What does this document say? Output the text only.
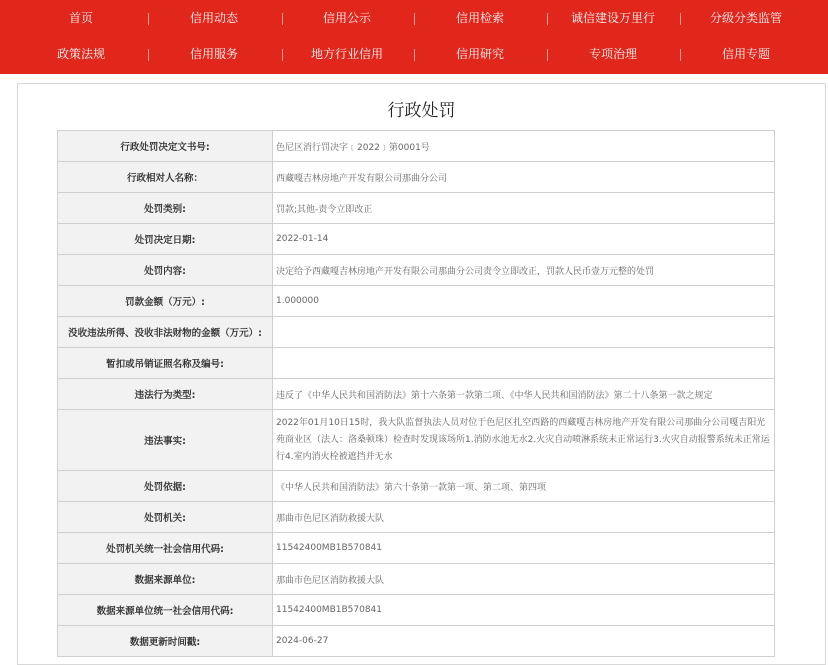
首页	信用动态	信用公示	信用检索	诚信建设万里行	分级分类监管
政策法规	信用服务	地方行业信用	信用研究	专项治理	信用专题
行政处罚
行政处罚决定文书号:	色尼区消行罚决字﹝2022﹞第0001号
行政相对人名称：	西藏嘎吉林房地产开发有限公司那曲分公司
处罚类别:	罚款;其他-责令立即改正
处罚决定日期:	2022-01-14
处罚内容:	决定给予西藏嘎吉林房地产开发有限公司那曲分公司责令立即改正，罚款人民币壹万元整的处罚
罚款金额（万元）:	1.000000
没收违法所得、没收非法财物的金额（万元）:	
暂扣或吊销证照名称及编号:	
违法行为类型:	违反了《中华人民共和国消防法》第十六条第一款第二项、《中华人民共和国消防法》第二十八条第一款之规定
违法事实:	2022年01月10日15时，我大队监督执法人员对位于色尼区扎空西路的西藏嘎吉林房地产开发有限公司那曲分公司嘎吉阳光苑商业区（法人：洛桑顿珠）检查时发现该场所1.消防水池无水2.火灾自动喷淋系统未正常运行3.火灾自动报警系统未正常运行4.室内消火栓被遮挡并无水
处罚依据:	《中华人民共和国消防法》第六十条第一款第一项、第二项、第四项
处罚机关:	那曲市色尼区消防救援大队
处罚机关统一社会信用代码:	11542400MB1B570841
数据来源单位:	那曲市色尼区消防救援大队
数据来源单位统一社会信用代码:	11542400MB1B570841
数据更新时间戳:	2024-06-27
